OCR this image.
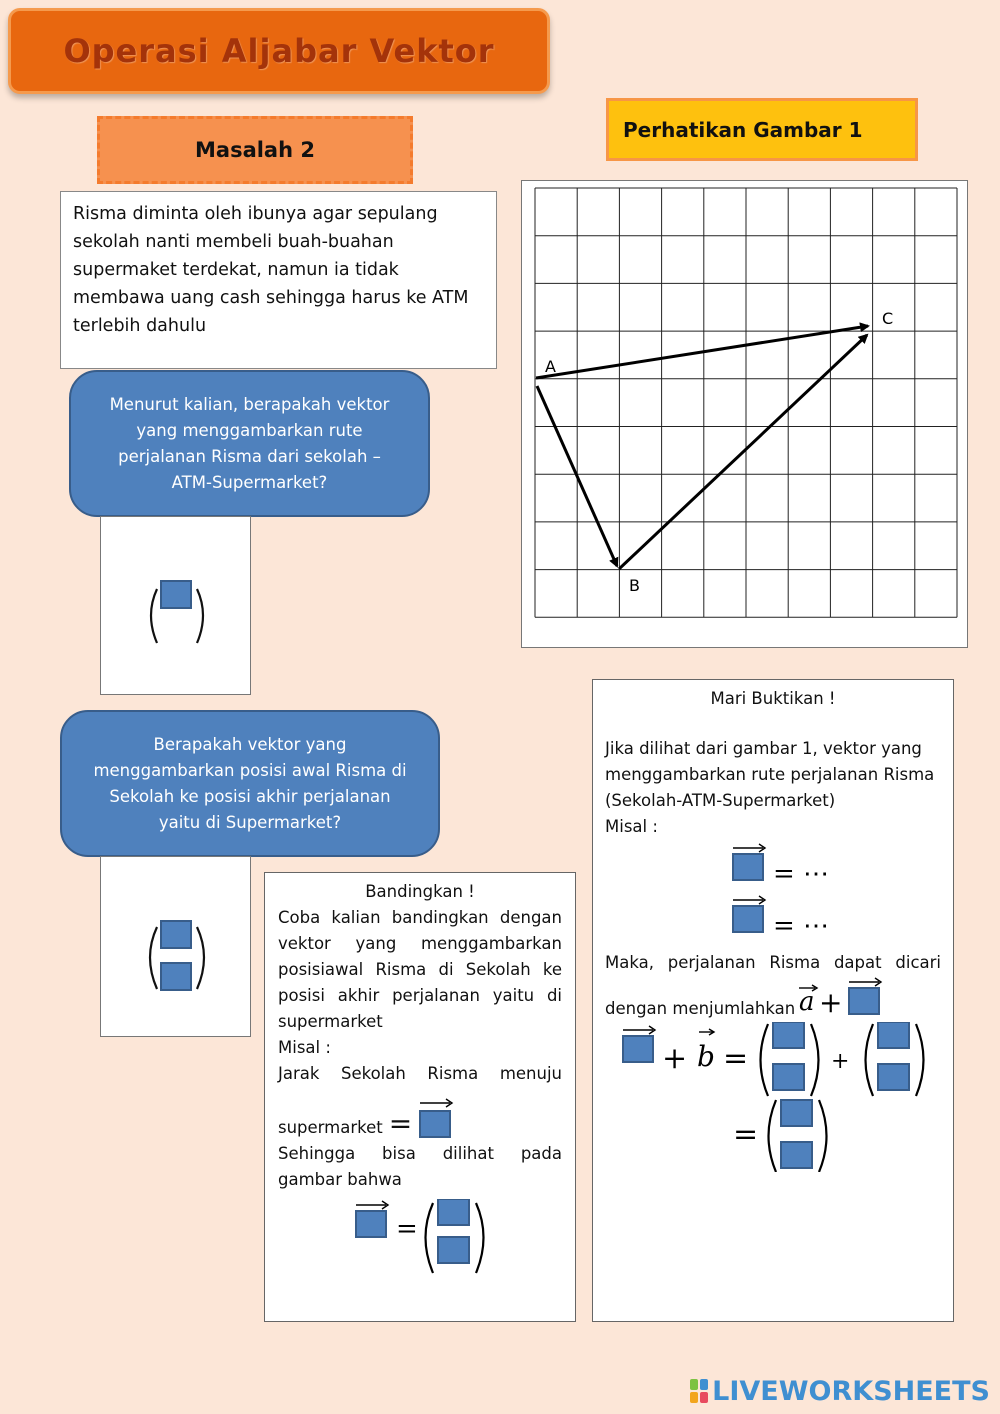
Operasi Aljabar Vektor
Masalah 2
Perhatikan Gambar 1

Risma diminta oleh ibunya agar sepulang sekolah nanti membeli buah-buahan supermaket terdekat, namun ia tidak membawa uang cash sehingga harus ke ATM terlebih dahulu

Menurut kalian, berapakah vektor yang menggambarkan rute perjalanan Risma dari sekolah – ATM-Supermarket?

Berapakah vektor yang menggambarkan posisi awal Risma di Sekolah ke posisi akhir perjalanan yaitu di Supermarket?

A
B
C

Bandingkan !

Coba kalian bandingkan dengan vektor yang menggambarkan posisiawal Risma di Sekolah ke posisi akhir perjalanan yaitu di supermarket

Misal :

Jarak Sekolah Risma menuju

supermarket =

Sehingga bisa dilihat pada gambar bahwa

=

Mari Buktikan !

Jika dilihat dari gambar 1, vektor yang menggambarkan rute perjalanan Risma (Sekolah-ATM-Supermarket)

Misal :

= ⋯
= ⋯

Maka, perjalanan Risma dapat dicari

dengan menjumlahkan a +
+ b =	+
=
LIVEWORKSHEETS
